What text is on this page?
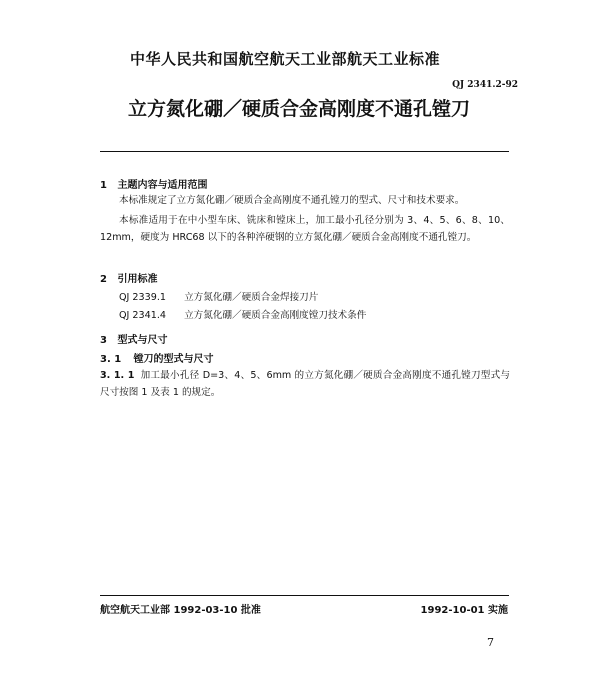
中华人民共和国航空航天工业部航天工业标准
QJ 2341.2-92
立方氮化硼／硬质合金高刚度不通孔镗刀
1 主题内容与适用范围
本标准规定了立方氮化硼／硬质合金高刚度不通孔镗刀的型式、尺寸和技术要求。
本标准适用于在中小型车床、铣床和镗床上，加工最小孔径分别为 3、4、5、6、8、10、12mm，硬度为 HRC68 以下的各种淬硬钢的立方氮化硼／硬质合金高刚度不通孔镗刀。
2 引用标准
QJ 2339.1 立方氮化硼／硬质合金焊接刀片
QJ 2341.4 立方氮化硼／硬质合金高刚度镗刀技术条件
3 型式与尺寸
3. 1 镗刀的型式与尺寸
3. 1. 1 加工最小孔径 D=3、4、5、6mm 的立方氮化硼／硬质合金高刚度不通孔镗刀型式与尺寸按图 1 及表 1 的规定。
航空航天工业部 1992-03-10 批准	1992-10-01 实施
7
